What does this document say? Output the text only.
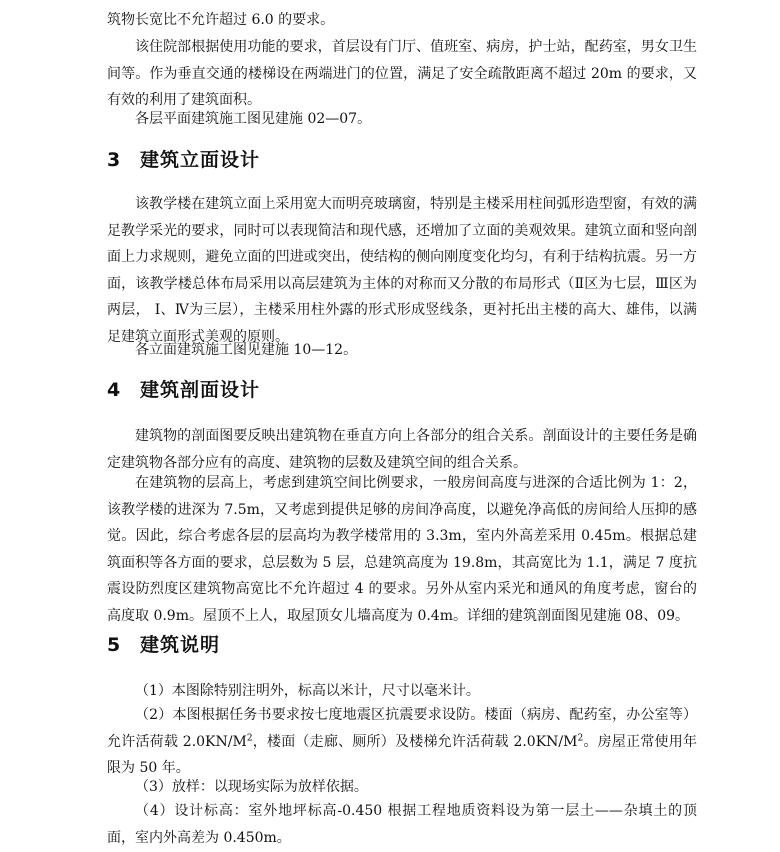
筑物长宽比不允许超过 6.0 的要求。

该住院部根据使用功能的要求，首层设有门厅、值班室、病房，护士站，配药室，男女卫生间等。作为垂直交通的楼梯设在两端进门的位置，满足了安全疏散距离不超过 20m 的要求，又有效的利用了建筑面积。

各层平面建筑施工图见建施 02—07。

3 建筑立面设计

该教学楼在建筑立面上采用宽大而明亮玻璃窗，特别是主楼采用柱间弧形造型窗，有效的满足教学采光的要求，同时可以表现简洁和现代感，还增加了立面的美观效果。建筑立面和竖向剖面上力求规则，避免立面的凹进或突出，使结构的侧向刚度变化均匀，有利于结构抗震。另一方面，该教学楼总体布局采用以高层建筑为主体的对称而又分散的布局形式（Ⅱ区为七层，Ⅲ区为两层， Ⅰ、Ⅳ为三层），主楼采用柱外露的形式形成竖线条，更衬托出主楼的高大、雄伟，以满足建筑立面形式美观的原则。

各立面建筑施工图见建施 10—12。

4 建筑剖面设计

建筑物的剖面图要反映出建筑物在垂直方向上各部分的组合关系。剖面设计的主要任务是确定建筑物各部分应有的高度、建筑物的层数及建筑空间的组合关系。

在建筑物的层高上，考虑到建筑空间比例要求，一般房间高度与进深的合适比例为 1：2，该教学楼的进深为 7.5m，又考虑到提供足够的房间净高度，以避免净高低的房间给人压抑的感觉。因此，综合考虑各层的层高均为教学楼常用的 3.3m，室内外高差采用 0.45m。根据总建筑面积等各方面的要求，总层数为 5 层，总建筑高度为 19.8m，其高宽比为 1.1，满足 7 度抗震设防烈度区建筑物高宽比不允许超过 4 的要求。另外从室内采光和通风的角度考虑，窗台的高度取 0.9m。屋顶不上人，取屋顶女儿墙高度为 0.4m。详细的建筑剖面图见建施 08、09。

5 建筑说明

（1）本图除特别注明外，标高以米计，尺寸以毫米计。

（2）本图根据任务书要求按七度地震区抗震要求设防。楼面（病房、配药室，办公室等）允许活荷载 $2.0KN/M^2$，楼面（走廊、厕所）及楼梯允许活荷载 $2.0KN/M^2$。房屋正常使用年限为 50 年。

（3）放样：以现场实际为放样依据。

（4）设计标高：室外地坪标高-0.450 根据工程地质资料设为第一层土——杂填土的顶面，室内外高差为 0.450m。
